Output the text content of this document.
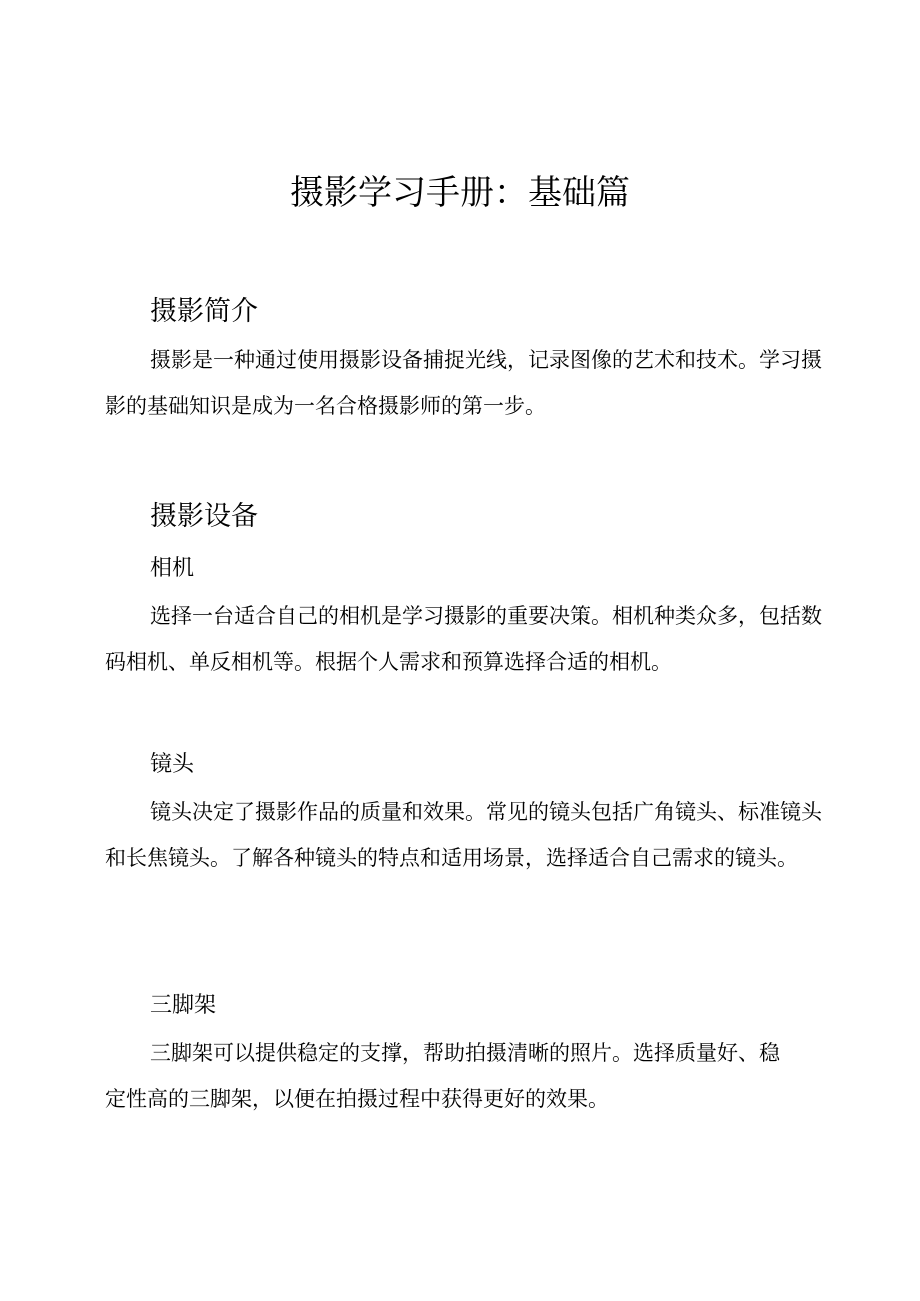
摄影学习手册：基础篇
摄影简介

摄影是一种通过使用摄影设备捕捉光线，记录图像的艺术和技术。学习摄影的基础知识是成为一名合格摄影师的第一步。

摄影设备
相机

选择一台适合自己的相机是学习摄影的重要决策。相机种类众多，包括数码相机、单反相机等。根据个人需求和预算选择合适的相机。

镜头

镜头决定了摄影作品的质量和效果。常见的镜头包括广角镜头、标准镜头和长焦镜头。了解各种镜头的特点和适用场景，选择适合自己需求的镜头。

三脚架

三脚架可以提供稳定的支撑，帮助拍摄清晰的照片。选择质量好、稳定性高的三脚架，以便在拍摄过程中获得更好的效果。
